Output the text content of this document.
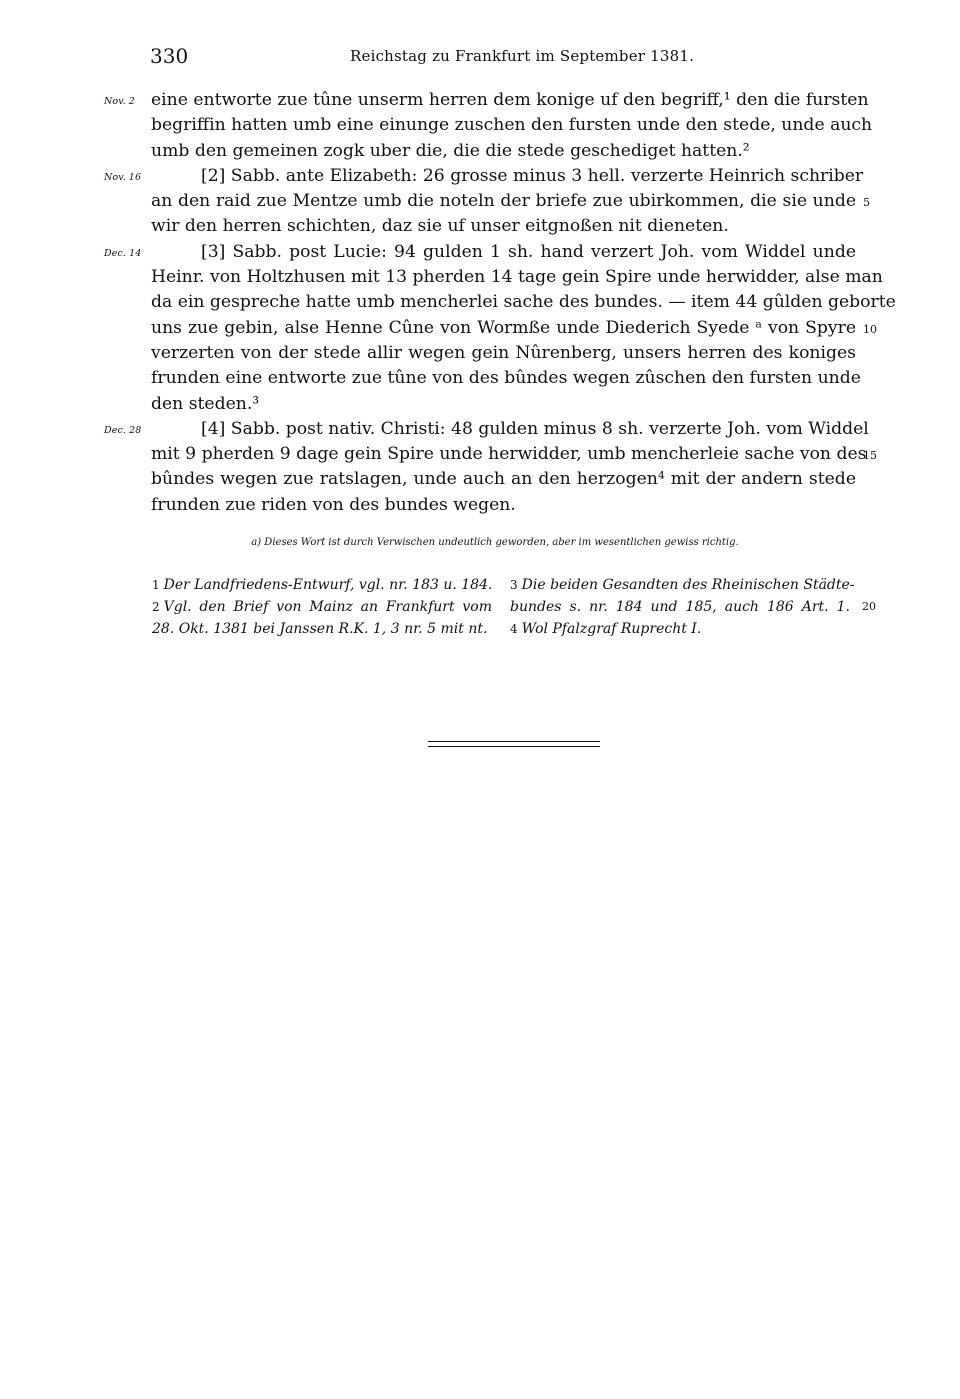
330	Reichstag zu Frankfurt im September 1381.
Nov. 2 eine entworte zue tûne unserm herren dem konige uf den begriff,¹ den die fursten
begriffin hatten umb eine einunge zuschen den fursten unde den stede, unde auch
umb den gemeinen zogk uber die, die die stede geschediget hatten.²
Nov. 16	[2] Sabb. ante Elizabeth: 26 grosse minus 3 hell. verzerte Heinrich schriber
an den raid zue Mentze umb die noteln der briefe zue ubirkommen, die sie unde 5
wir den herren schichten, daz sie uf unser eitgnoßen nit dieneten.
Dec. 14	[3] Sabb. post Lucie: 94 gulden 1 sh. hand verzert Joh. vom Widdel unde
Heinr. von Holtzhusen mit 13 pherden 14 tage gein Spire unde herwidder, alse man
da ein gespreche hatte umb mencherlei sache des bundes. — item 44 gûlden geborte
uns zue gebin, alse Henne Cûne von Wormße unde Diederich Syede ᵃ von Spyre 10
verzerten von der stede allir wegen gein Nûrenberg, unsers herren des koniges
frunden eine entworte zue tûne von des bûndes wegen zûschen den fursten unde
den steden.³
Dec. 28	[4] Sabb. post nativ. Christi: 48 gulden minus 8 sh. verzerte Joh. vom Widdel
mit 9 pherden 9 dage gein Spire unde herwidder, umb mencherleie sache von des
15
bûndes wegen zue ratslagen, unde auch an den herzogen⁴ mit der andern stede
frunden zue riden von des bundes wegen.
a) Dieses Wort ist durch Verwischen undeutlich geworden, aber im wesentlichen gewiss richtig.
1 Der Landfriedens-Entwurf, vgl. nr. 183 u. 184.
2 Vgl. den Brief von Mainz an Frankfurt vom
28. Okt. 1381 bei Janssen R.K. 1, 3 nr. 5 mit nt.
3 Die beiden Gesandten des Rheinischen Städte-
bundes s. nr. 184 und 185, auch 186 Art. 1.
4 Wol Pfalzgraf Ruprecht I.
20
